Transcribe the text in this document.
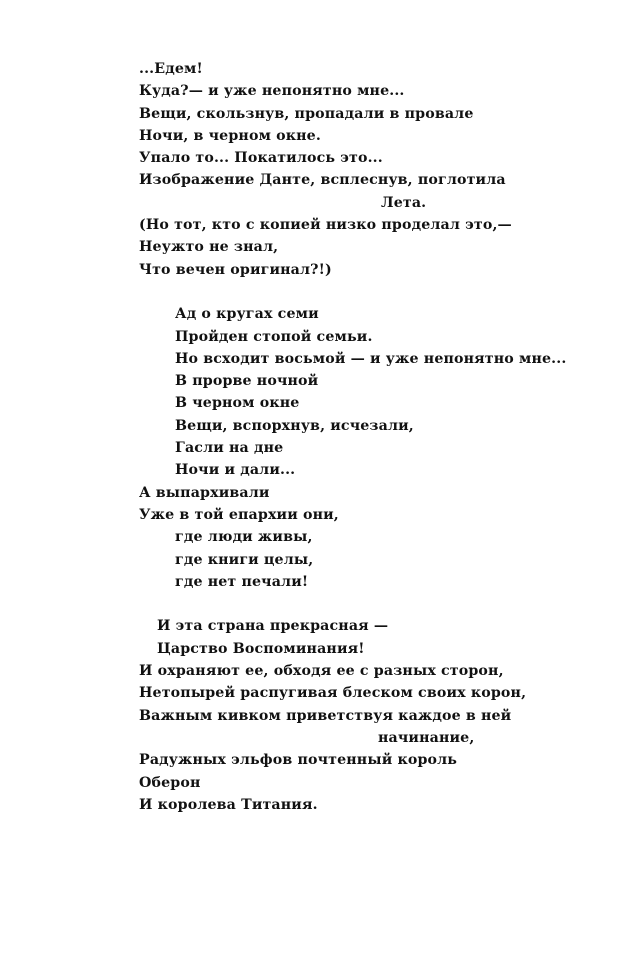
...Едем!
Куда?— и уже непонятно мне...
Вещи, скользнув, пропадали в провале
Ночи, в черном окне.
Упало то... Покатилось это...
Изображение Данте, всплеснув, поглотила
Лета.
(Но тот, кто с копией низко проделал это,—
Неужто не знал,
Что вечен оригинал?!)
Ад о кругах семи
Пройден стопой семьи.
Но всходит восьмой — и уже непонятно мне...
В прорве ночной
В черном окне
Вещи, вспорхнув, исчезали,
Гасли на дне
Ночи и дали...
А выпархивали
Уже в той епархии они,
где люди живы,
где книги целы,
где нет печали!
И эта страна прекрасная —
Царство Воспоминания!
И охраняют ее, обходя ее с разных сторон,
Нетопырей распугивая блеском своих корон,
Важным кивком приветствуя каждое в ней
начинание,
Радужных эльфов почтенный король
Оберон
И королева Титания.
